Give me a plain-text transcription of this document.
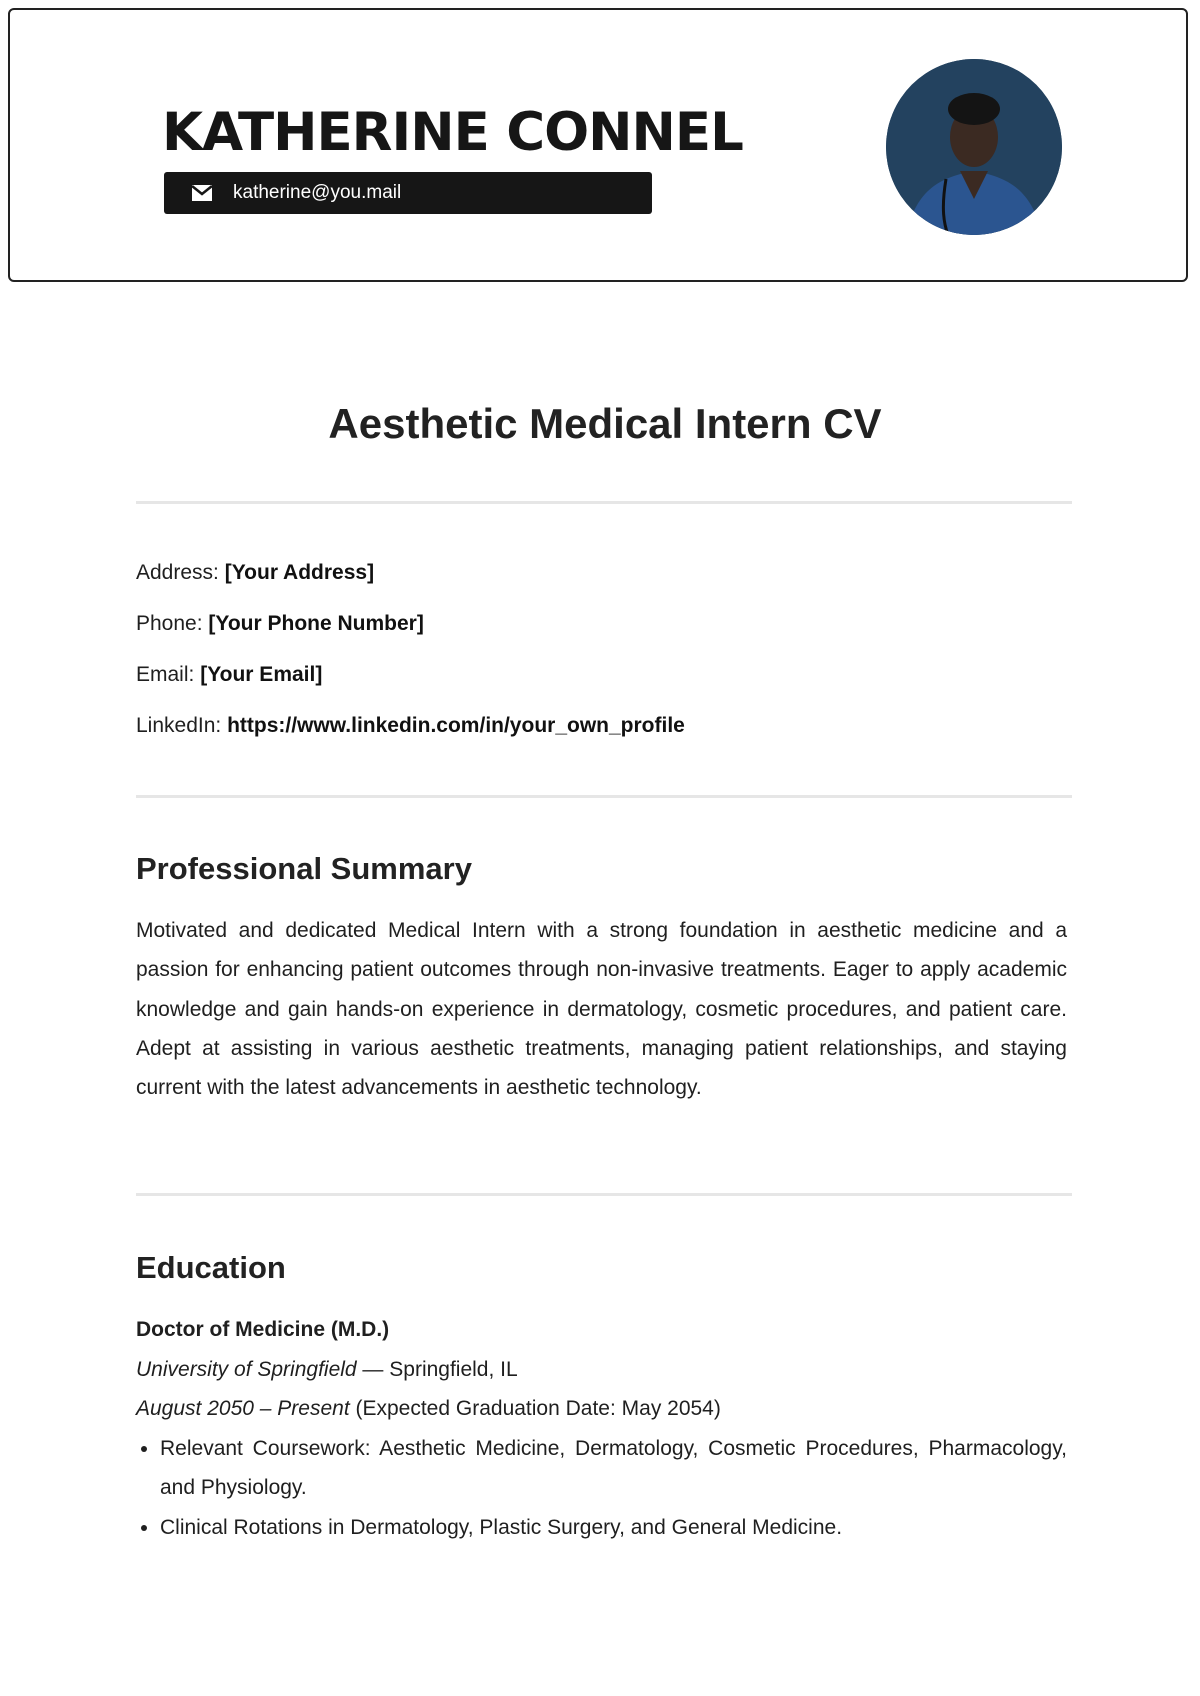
KATHERINE CONNEL
katherine@you.mail
Aesthetic Medical Intern CV
Address: [Your Address]
Phone: [Your Phone Number]
Email: [Your Email]
LinkedIn: https://www.linkedin.com/in/your_own_profile
Professional Summary
Motivated and dedicated Medical Intern with a strong foundation in aesthetic medicine and a passion for enhancing patient outcomes through non-invasive treatments. Eager to apply academic knowledge and gain hands-on experience in dermatology, cosmetic procedures, and patient care. Adept at assisting in various aesthetic treatments, managing patient relationships, and staying current with the latest advancements in aesthetic technology.
Education
Doctor of Medicine (M.D.)
University of Springfield — Springfield, IL
August 2050 – Present (Expected Graduation Date: May 2054)
• Relevant Coursework: Aesthetic Medicine, Dermatology, Cosmetic Procedures, Pharmacology, and Physiology.
• Clinical Rotations in Dermatology, Plastic Surgery, and General Medicine.
